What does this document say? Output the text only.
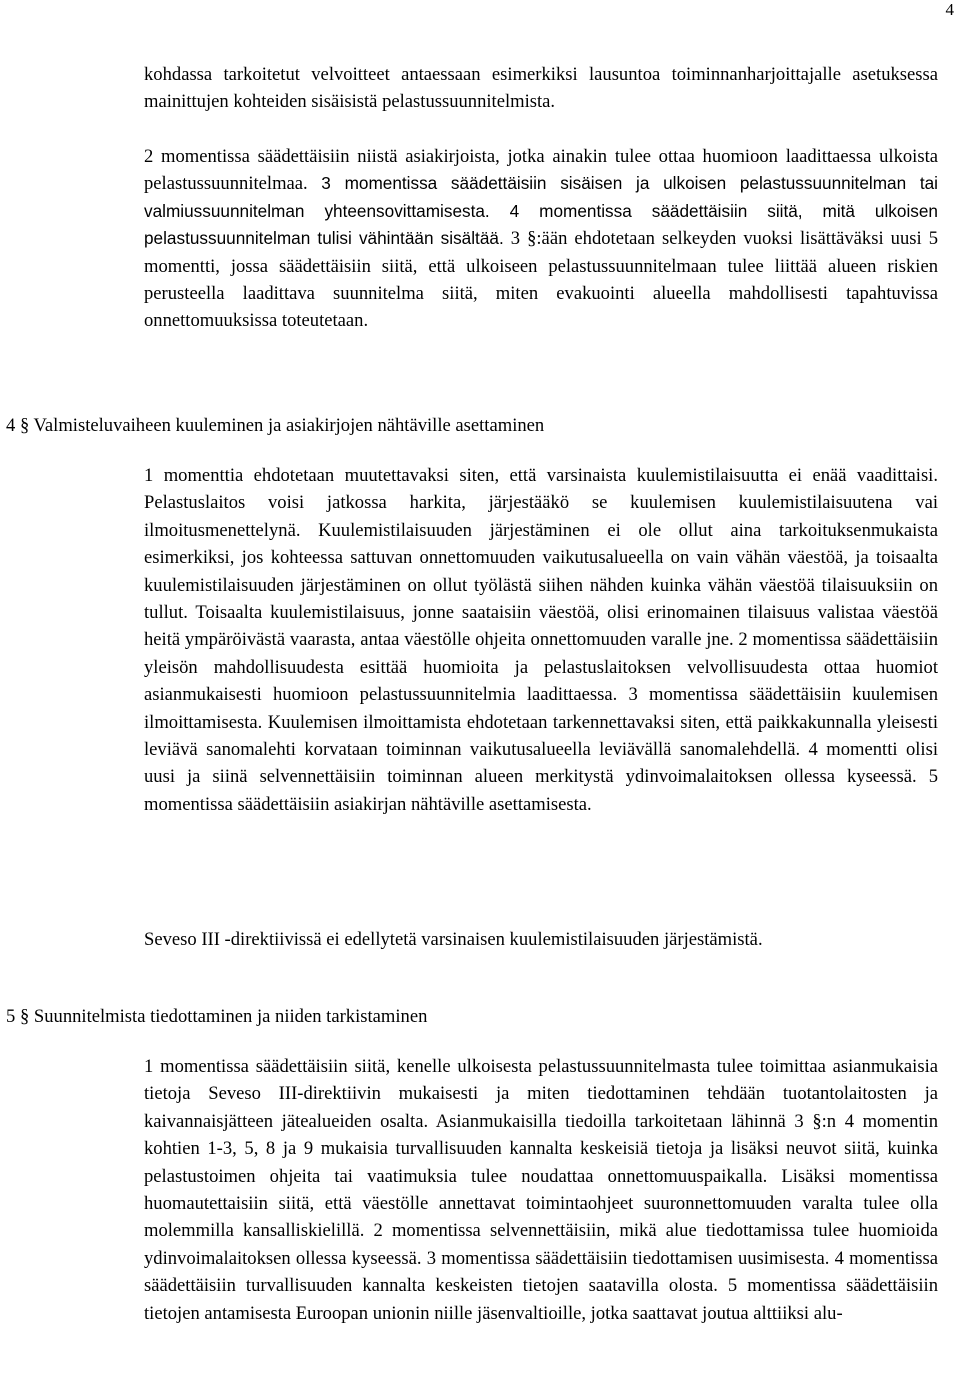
4

kohdassa tarkoitetut velvoitteet antaessaan esimerkiksi lausuntoa toiminnanharjoittajalle asetuksessa mainittujen kohteiden sisäisistä pelastussuunnitelmista.

2 momentissa säädettäisiin niistä asiakirjoista, jotka ainakin tulee ottaa huomioon laadittaessa ulkoista pelastussuunnitelmaa. 3 momentissa säädettäisiin sisäisen ja ulkoisen pelastussuunnitelman tai valmiussuunnitelman yhteensovittamisesta. 4 momentissa säädettäisiin siitä, mitä ulkoisen pelastussuunnitelman tulisi vähintään sisältää. 3 §:ään ehdotetaan selkeyden vuoksi lisättäväksi uusi 5 momentti, jossa säädettäisiin siitä, että ulkoiseen pelastussuunnitelmaan tulee liittää alueen riskien perusteella laadittava suunnitelma siitä, miten evakuointi alueella mahdollisesti tapahtuvissa onnettomuuksissa toteutetaan.

4 § Valmisteluvaiheen kuuleminen ja asiakirjojen nähtäville asettaminen

1 momenttia ehdotetaan muutettavaksi siten, että varsinaista kuulemistilaisuutta ei enää vaadittaisi. Pelastuslaitos voisi jatkossa harkita, järjestääkö se kuulemisen kuulemistilaisuutena vai ilmoitusmenettelynä. Kuulemistilaisuuden järjestäminen ei ole ollut aina tarkoituksenmukaista esimerkiksi, jos kohteessa sattuvan onnettomuuden vaikutusalueella on vain vähän väestöä, ja toisaalta kuulemistilaisuuden järjestäminen on ollut työlästä siihen nähden kuinka vähän väestöä tilaisuuksiin on tullut. Toisaalta kuulemistilaisuus, jonne saataisiin väestöä, olisi erinomainen tilaisuus valistaa väestöä heitä ympäröivästä vaarasta, antaa väestölle ohjeita onnettomuuden varalle jne. 2 momentissa säädettäisiin yleisön mahdollisuudesta esittää huomioita ja pelastuslaitoksen velvollisuudesta ottaa huomiot asianmukaisesti huomioon pelastussuunnitelmia laadittaessa. 3 momentissa säädettäisiin kuulemisen ilmoittamisesta. Kuulemisen ilmoittamista ehdotetaan tarkennettavaksi siten, että paikkakunnalla yleisesti leviävä sanomalehti korvataan toiminnan vaikutusalueella leviävällä sanomalehdellä. 4 momentti olisi uusi ja siinä selvennettäisiin toiminnan alueen merkitystä ydinvoimalaitoksen ollessa kyseessä. 5 momentissa säädettäisiin asiakirjan nähtäville asettamisesta.

Seveso III -direktiivissä ei edellytetä varsinaisen kuulemistilaisuuden järjestämistä.

5 § Suunnitelmista tiedottaminen ja niiden tarkistaminen

1 momentissa säädettäisiin siitä, kenelle ulkoisesta pelastussuunnitelmasta tulee toimittaa asianmukaisia tietoja Seveso III-direktiivin mukaisesti ja miten tiedottaminen tehdään tuotantolaitosten ja kaivannaisjätteen jätealueiden osalta. Asianmukaisilla tiedoilla tarkoitetaan lähinnä 3 §:n 4 momentin kohtien 1-3, 5, 8 ja 9 mukaisia turvallisuuden kannalta keskeisiä tietoja ja lisäksi neuvot siitä, kuinka pelastustoimen ohjeita tai vaatimuksia tulee noudattaa onnettomuuspaikalla. Lisäksi momentissa huomautettaisiin siitä, että väestölle annettavat toimintaohjeet suuronnettomuuden varalta tulee olla molemmilla kansalliskielillä. 2 momentissa selvennettäisiin, mikä alue tiedottamissa tulee huomioida ydinvoimalaitoksen ollessa kyseessä. 3 momentissa säädettäisiin tiedottamisen uusimisesta. 4 momentissa säädettäisiin turvallisuuden kannalta keskeisten tietojen saatavilla olosta. 5 momentissa säädettäisiin tietojen antamisesta Euroopan unionin niille jäsenvaltioille, jotka saattavat joutua alttiiksi alu-
